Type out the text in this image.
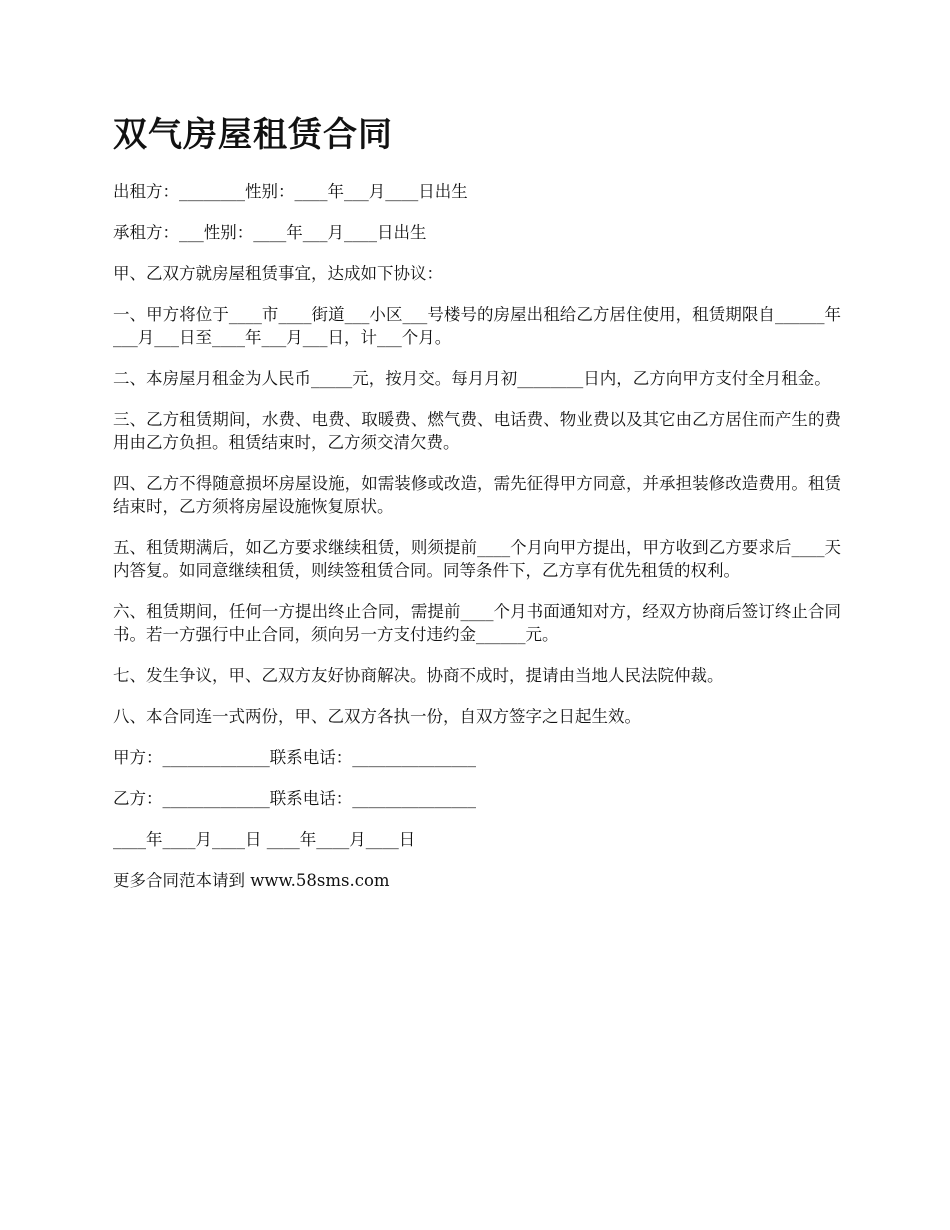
双气房屋租赁合同

出租方：________性别：____年___月____日出生

承租方：___性别：____年___月____日出生

甲、乙双方就房屋租赁事宜，达成如下协议：

一、甲方将位于____市____街道___小区___号楼号的房屋出租给乙方居住使用，租赁期限自______年___月___日至____年___月___日，计___个月。

二、本房屋月租金为人民币_____元，按月交。每月月初________日内，乙方向甲方支付全月租金。

三、乙方租赁期间，水费、电费、取暖费、燃气费、电话费、物业费以及其它由乙方居住而产生的费用由乙方负担。租赁结束时，乙方须交清欠费。

四、乙方不得随意损坏房屋设施，如需装修或改造，需先征得甲方同意，并承担装修改造费用。租赁结束时，乙方须将房屋设施恢复原状。

五、租赁期满后，如乙方要求继续租赁，则须提前____个月向甲方提出，甲方收到乙方要求后____天内答复。如同意继续租赁，则续签租赁合同。同等条件下，乙方享有优先租赁的权利。

六、租赁期间，任何一方提出终止合同，需提前____个月书面通知对方，经双方协商后签订终止合同书。若一方强行中止合同，须向另一方支付违约金______元。

七、发生争议，甲、乙双方友好协商解决。协商不成时，提请由当地人民法院仲裁。

八、本合同连一式两份，甲、乙双方各执一份，自双方签字之日起生效。

甲方：_____________联系电话：_______________

乙方：_____________联系电话：_______________

____年____月____日 ____年____月____日

更多合同范本请到 www.58sms.com
